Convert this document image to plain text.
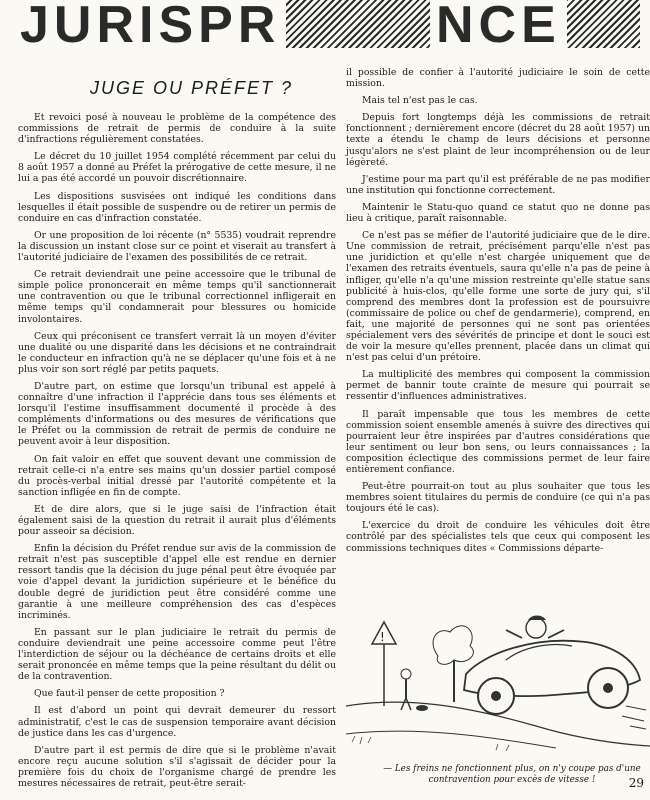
JURISPR	NCE
JUGE OU PRÉFET ?

Et revoici posé à nouveau le problème de la compétence des commissions de retrait de permis de conduire à la suite d'infractions régulièrement constatées.

Le décret du 10 juillet 1954 complété récemment par celui du 8 août 1957 a donné au Préfet la prérogative de cette mesure, il ne lui a pas été accordé un pouvoir discrétionnaire.

Les dispositions susvisées ont indiqué les conditions dans lesquelles il était possible de suspendre ou de retirer un permis de conduire en cas d'infraction constatée.

Or une proposition de loi récente (n° 5535) voudrait reprendre la discussion un instant close sur ce point et viserait au transfert à l'autorité judiciaire de l'examen des possibilités de ce retrait.

Ce retrait deviendrait une peine accessoire que le tribunal de simple police prononcerait en même temps qu'il sanctionnerait une contravention ou que le tribunal correctionnel infligerait en même temps qu'il condamnerait pour blessures ou homicide involontaires.

Ceux qui préconisent ce transfert verrait là un moyen d'éviter une dualité ou une disparité dans les décisions et ne contraindrait le conducteur en infraction qu'à ne se déplacer qu'une fois et à ne plus voir son sort réglé par petits paquets.

D'autre part, on estime que lorsqu'un tribunal est appelé à connaître d'une infraction il l'apprécie dans tous ses éléments et lorsqu'il l'estime insuffisamment documenté il procède à des compléments d'informations ou des mesures de vérifications que le Préfet ou la commission de retrait de permis de conduire ne peuvent avoir à leur disposition.

On fait valoir en effet que souvent devant une commission de retrait celle-ci n'a entre ses mains qu'un dossier partiel composé du procès-verbal initial dressé par l'autorité compétente et la sanction infligée en fin de compte.

Et de dire alors, que si le juge saisi de l'infraction était également saisi de la question du retrait il aurait plus d'éléments pour asseoir sa décision.

Enfin la décision du Préfet rendue sur avis de la commission de retrait n'est pas susceptible d'appel elle est rendue en dernier ressort tandis que la décision du juge pénal peut être évoquée par voie d'appel devant la juridiction supérieure et le bénéfice du double degré de juridiction peut être considéré comme une garantie à une meilleure compréhension des cas d'espèces incriminés.

En passant sur le plan judiciaire le retrait du permis de conduire deviendrait une peine accessoire comme peut l'être l'interdiction de séjour ou la déchéance de certains droits et elle serait prononcée en même temps que la peine résultant du délit ou de la contravention.

Que faut-il penser de cette proposition ?

Il est d'abord un point qui devrait demeurer du ressort administratif, c'est le cas de suspension temporaire avant décision de justice dans les cas d'urgence.

D'autre part il est permis de dire que si le problème n'avait encore reçu aucune solution s'il s'agissait de décider pour la première fois du choix de l'organisme chargé de prendre les mesures nécessaires de retrait, peut-être serait-

il possible de confier à l'autorité judiciaire le soin de cette mission.

Mais tel n'est pas le cas.

Depuis fort longtemps déjà les commissions de retrait fonctionnent ; dernièrement encore (décret du 28 août 1957) un texte a étendu le champ de leurs décisions et personne jusqu'alors ne s'est plaint de leur incompréhension ou de leur légèreté.

J'estime pour ma part qu'il est préférable de ne pas modifier une institution qui fonctionne correctement.

Maintenir le Statu-quo quand ce statut quo ne donne pas lieu à critique, paraît raisonnable.

Ce n'est pas se méfier de l'autorité judiciaire que de le dire. Une commission de retrait, précisément parqu'elle n'est pas une juridiction et qu'elle n'est chargée uniquement que de l'examen des retraits éventuels, saura qu'elle n'a pas de peine à infliger, qu'elle n'a qu'une mission restreinte qu'elle statue sans publicité à huis-clos, qu'elle forme une sorte de jury qui, s'il comprend des membres dont la profession est de poursuivre (commissaire de police ou chef de gendarmerie), comprend, en fait, une majorité de personnes qui ne sont pas orientées spécialement vers des sévérités de principe et dont le souci est de voir la mesure qu'elles prennent, placée dans un climat qui n'est pas celui d'un prétoire.

La multiplicité des membres qui composent la commission permet de bannir toute crainte de mesure qui pourrait se ressentir d'influences administratives.

Il paraît impensable que tous les membres de cette commission soient ensemble amenés à suivre des directives qui pourraient leur être inspirées par d'autres considérations que leur sentiment ou leur bon sens, ou leurs connaissances ; la composition éclectique des commissions permet de leur faire entièrement confiance.

Peut-être pourrait-on tout au plus souhaiter que tous les membres soient titulaires du permis de conduire (ce qui n'a pas toujours été le cas).

L'exercice du droit de conduire les véhicules doit être contrôlé par des spécialistes tels que ceux qui composent les commissions techniques dites « Commissions départe-

!
— Les freins ne fonctionnent plus, on n'y coupe pas d'une contravention pour excès de vitesse !	29
